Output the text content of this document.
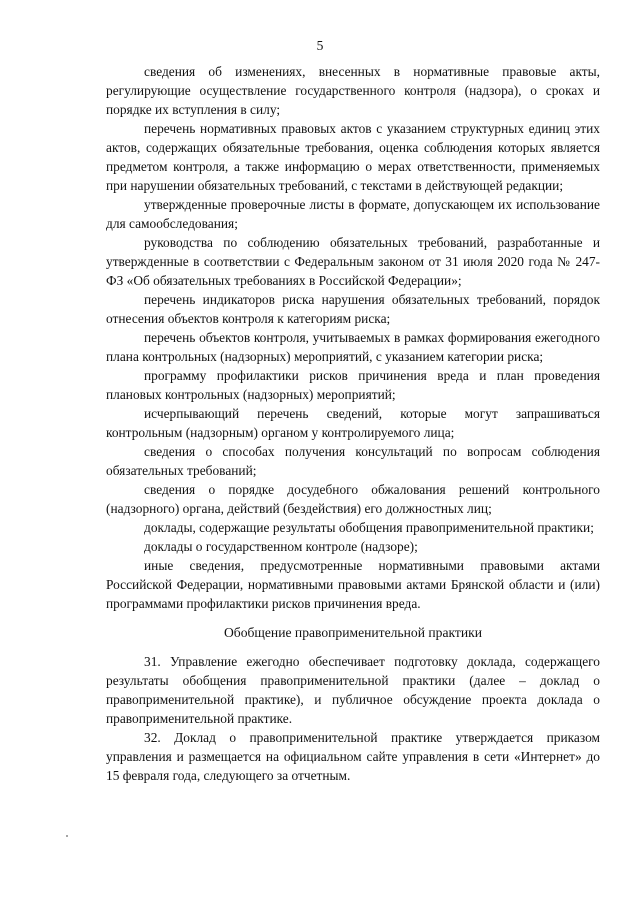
5

сведения об изменениях, внесенных в нормативные правовые акты, регулирующие осуществление государственного контроля (надзора), о сроках и порядке их вступления в силу;

перечень нормативных правовых актов с указанием структурных единиц этих актов, содержащих обязательные требования, оценка соблюдения которых является предметом контроля, а также информацию о мерах ответственности, применяемых при нарушении обязательных требований, с текстами в действующей редакции;

утвержденные проверочные листы в формате, допускающем их использование для самообследования;

руководства по соблюдению обязательных требований, разработанные и утвержденные в соответствии с Федеральным законом от 31 июля 2020 года № 247-ФЗ «Об обязательных требованиях в Российской Федерации»;

перечень индикаторов риска нарушения обязательных требований, порядок отнесения объектов контроля к категориям риска;

перечень объектов контроля, учитываемых в рамках формирования ежегодного плана контрольных (надзорных) мероприятий, с указанием категории риска;

программу профилактики рисков причинения вреда и план проведения плановых контрольных (надзорных) мероприятий;

исчерпывающий перечень сведений, которые могут запрашиваться контрольным (надзорным) органом у контролируемого лица;

сведения о способах получения консультаций по вопросам соблюдения обязательных требований;

сведения о порядке досудебного обжалования решений контрольного (надзорного) органа, действий (бездействия) его должностных лиц;

доклады, содержащие результаты обобщения правоприменительной практики;

доклады о государственном контроле (надзоре);

иные сведения, предусмотренные нормативными правовыми актами Российской Федерации, нормативными правовыми актами Брянской области и (или) программами профилактики рисков причинения вреда.

Обобщение правоприменительной практики

31. Управление ежегодно обеспечивает подготовку доклада, содержащего результаты обобщения правоприменительной практики (далее – доклад о правоприменительной практике), и публичное обсуждение проекта доклада о правоприменительной практике.

32. Доклад о правоприменительной практике утверждается приказом управления и размещается на официальном сайте управления в сети «Интернет» до 15 февраля года, следующего за отчетным.
